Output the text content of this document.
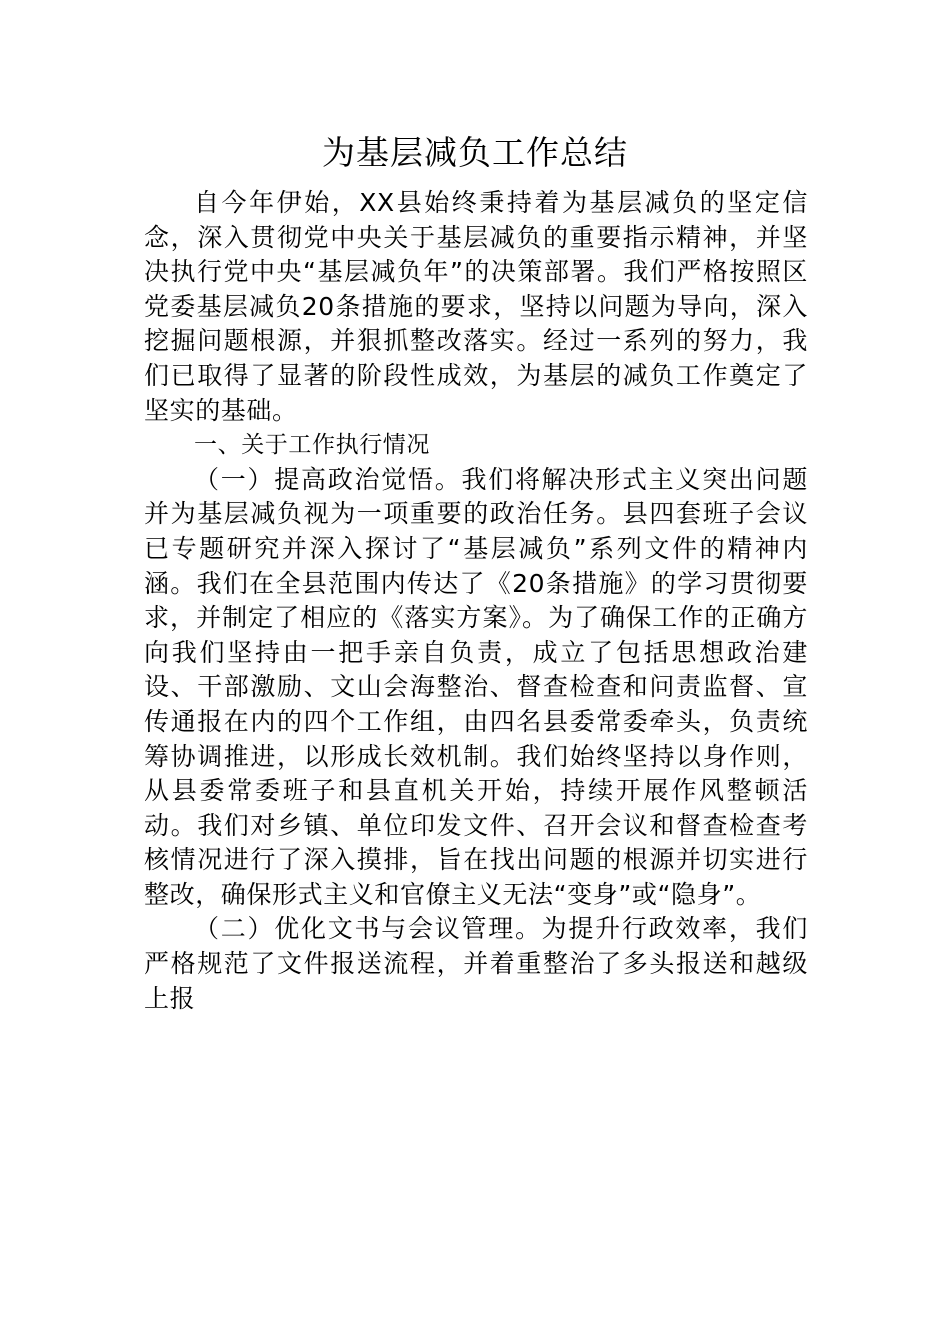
为基层减负工作总结

自今年伊始，XX县始终秉持着为基层减负的坚定信念，深入贯彻党中央关于基层减负的重要指示精神，并坚决执行党中央“基层减负年”的决策部署。我们严格按照区党委基层减负20条措施的要求，坚持以问题为导向，深入挖掘问题根源，并狠抓整改落实。经过一系列的努力，我们已取得了显著的阶段性成效，为基层的减负工作奠定了坚实的基础。

一、关于工作执行情况

（一）提高政治觉悟。我们将解决形式主义突出问题并为基层减负视为一项重要的政治任务。县四套班子会议已专题研究并深入探讨了“基层减负”系列文件的精神内涵。我们在全县范围内传达了《20条措施》的学习贯彻要求，并制定了相应的《落实方案》。为了确保工作的正确方向我们坚持由一把手亲自负责，成立了包括思想政治建设、干部激励、文山会海整治、督查检查和问责监督、宣传通报在内的四个工作组，由四名县委常委牵头，负责统筹协调推进，以形成长效机制。我们始终坚持以身作则，从县委常委班子和县直机关开始，持续开展作风整顿活动。我们对乡镇、单位印发文件、召开会议和督查检查考核情况进行了深入摸排，旨在找出问题的根源并切实进行整改，确保形式主义和官僚主义无法“变身”或“隐身”。

（二）优化文书与会议管理。为提升行政效率，我们严格规范了文件报送流程，并着重整治了多头报送和越级上报
